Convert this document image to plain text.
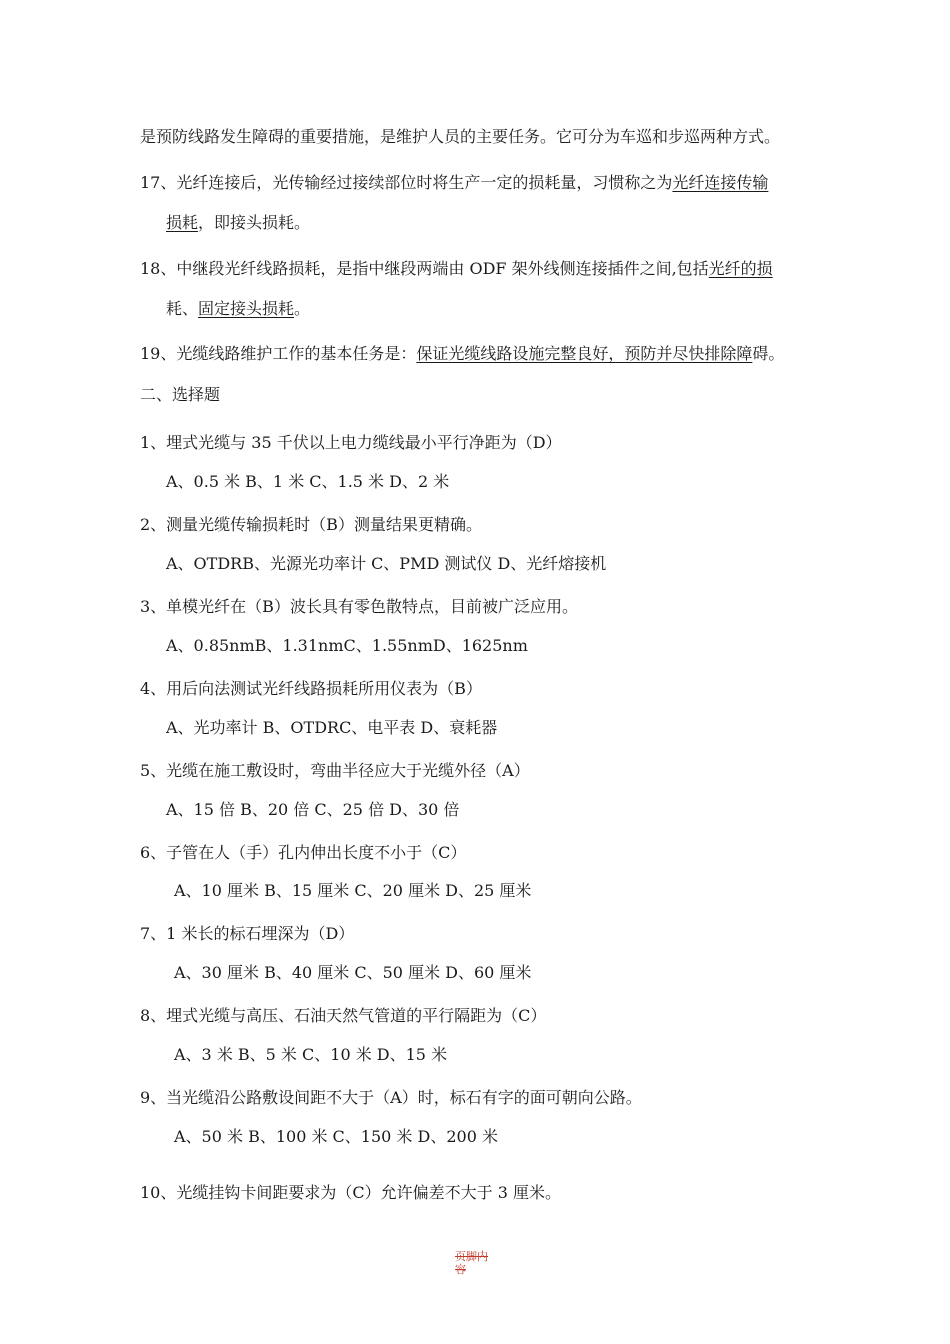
是预防线路发生障碍的重要措施，是维护人员的主要任务。它可分为车巡和步巡两种方式。
17、光纤连接后，光传输经过接续部位时将生产一定的损耗量，习惯称之为光纤连接传输
损耗，即接头损耗。
18、中继段光纤线路损耗，是指中继段两端由 ODF 架外线侧连接插件之间,包括光纤的损
耗、固定接头损耗。
19、光缆线路维护工作的基本任务是：保证光缆线路设施完整良好，预防并尽快排除障碍。
二、选择题
1、埋式光缆与 35 千伏以上电力缆线最小平行净距为（D）
A、0.5 米 B、1 米 C、1.5 米 D、2 米
2、测量光缆传输损耗时（B）测量结果更精确。
A、OTDRB、光源光功率计 C、PMD 测试仪 D、光纤熔接机
3、单模光纤在（B）波长具有零色散特点，目前被广泛应用。
A、0.85nmB、1.31nmC、1.55nmD、1625nm
4、用后向法测试光纤线路损耗所用仪表为（B）
A、光功率计 B、OTDRC、电平表 D、衰耗器
5、光缆在施工敷设时，弯曲半径应大于光缆外径（A）
A、15 倍 B、20 倍 C、25 倍 D、30 倍
6、子管在人（手）孔内伸出长度不小于（C）
A、10 厘米 B、15 厘米 C、20 厘米 D、25 厘米
7、1 米长的标石埋深为（D）
A、30 厘米 B、40 厘米 C、50 厘米 D、60 厘米
8、埋式光缆与高压、石油天然气管道的平行隔距为（C）
A、3 米 B、5 米 C、10 米 D、15 米
9、当光缆沿公路敷设间距不大于（A）时，标石有字的面可朝向公路。
A、50 米 B、100 米 C、150 米 D、200 米
10、光缆挂钩卡间距要求为（C）允许偏差不大于 3 厘米。
页脚内容
